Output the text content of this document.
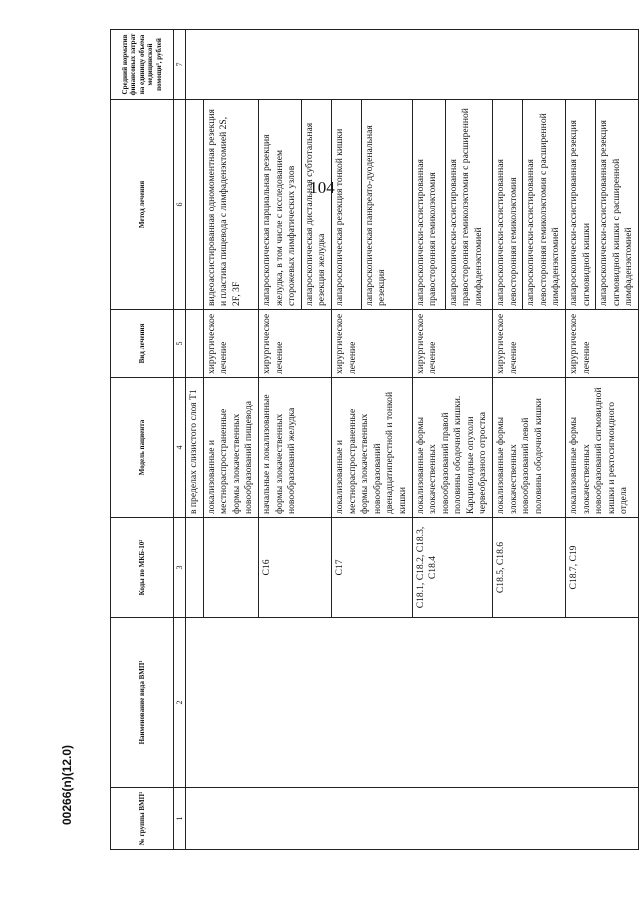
104
№ группы ВМП¹	Наименование вида ВМП¹	Коды по МКБ-10²	Модель пациента	Вид лечения	Метод лечения	Средний норматив финансовых затрат на единицу объема медицинской помощи³, рублей
1	2	3	4	5	6	7
			в пределах слизистого слоя T1			
			локализованные и местнораспространенные формы злокачественных новообразований пищевода	хирургическое лечение	видеоассистированная одномоментная резекция и пластика пищевода с лимфаденэктомией 2S, 2F, 3F	
		C16	начальные и локализованные формы злокачественных новообразований желудка	хирургическое лечение	лапароскопическая парциальная резекция желудка, в том числе с исследованием сторожевых лимфатических узлов	
					лапароскопическая дистальная субтотальная резекция желудка	
		C17	локализованные и местнораспространенные формы злокачественных новообразований двенадцатиперстной и тонкой кишки	хирургическое лечение	лапароскопическая резекция тонкой кишки	
					лапароскопическая панкреато-дуоденальная резекция	
		C18.1, C18.2, C18.3, C18.4	локализованные формы злокачественных новообразований правой половины ободочной кишки. Карциноидные опухоли червеобразного отростка	хирургическое лечение	лапароскопически-ассистированная правосторонняя гемиколэктомия	
					лапароскопически-ассистированная правосторонняя гемиколэктомия с расширенной лимфаденэктомией	
		C18.5, C18.6	локализованные формы злокачественных новообразований левой половины ободочной кишки	хирургическое лечение	лапароскопически-ассистированная левосторонняя гемиколэктомия	
					лапароскопически-ассистированная левосторонняя гемиколэктомия с расширенной лимфаденэктомией	
		C18.7, C19	локализованные формы злокачественных новообразований сигмовидной кишки и ректосигмоидного отдела	хирургическое лечение	лапароскопически-ассистированная резекция сигмовидной кишки	
					лапароскопически-ассистированная резекция сигмовидной кишки с расширенной лимфаденэктомией	
00266(n)(12.0)
